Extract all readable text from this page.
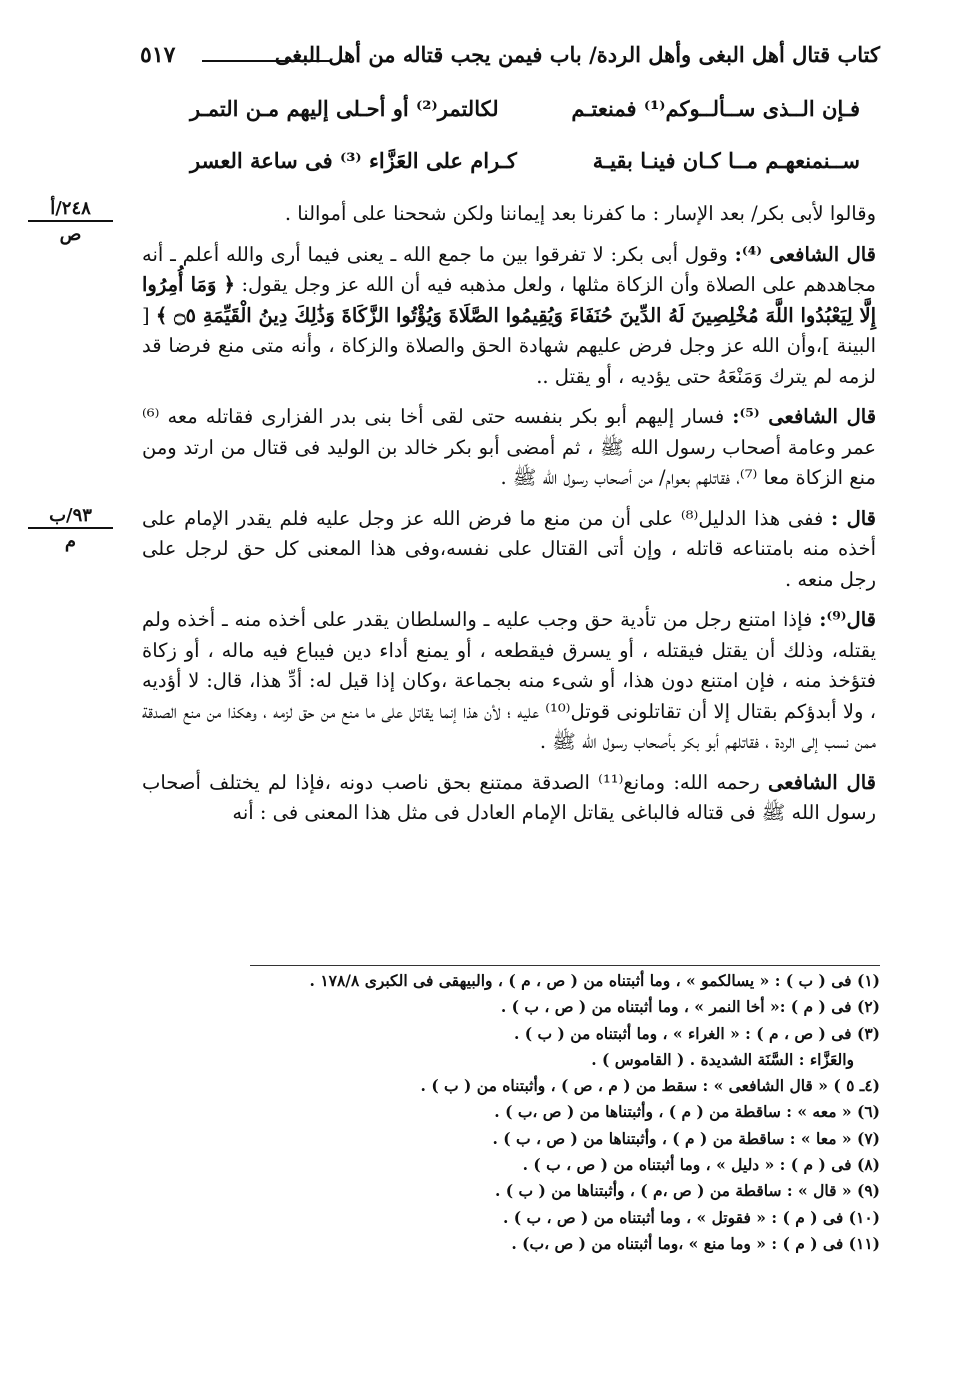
كتاب قتال أهل البغى وأهل الردة/ باب فيمن يجب قتاله من أهل البغى
٥١٧
٢٤٨/أ
ص
٩٣/ب
م
فـإن الــذى ســألــوكم⁽¹⁾ فمنعتـم
لكالتمر⁽²⁾ أو أحـلى إليهم مـن التمـر
ســنمنعهـم مــا كـان فينـا بقيـة
كـرام على العَزَّاء ⁽³⁾ فى ساعة العسر

وقالوا لأبى بكر/ بعد الإسار : ما كفرنا بعد إيماننا ولكن شححنا على أموالنا .

قال الشافعى ⁽⁴⁾: وقول أبى بكر: لا تفرقوا بين ما جمع الله ـ يعنى فيما أرى والله أعلم ـ أنه مجاهدهم على الصلاة وأن الزكاة مثلها ، ولعل مذهبه فيه أن الله عز وجل يقول: ﴿ وَمَا أُمِرُوا إِلَّا لِيَعْبُدُوا اللَّهَ مُخْلِصِينَ لَهُ الدِّينَ حُنَفَاءَ وَيُقِيمُوا الصَّلَاةَ وَيُؤْتُوا الزَّكَاةَ وَذَٰلِكَ دِينُ الْقَيِّمَةِ ۝٥ ﴾ [ البينة ]،وأن الله عز وجل فرض عليهم شهادة الحق والصلاة والزكاة ، وأنه متى منع فرضا قد لزمه لم يترك وَمَنْعَهُ حتى يؤديه ، أو يقتل ..

قال الشافعى ⁽⁵⁾: فسار إليهم أبو بكر بنفسه حتى لقى أخا بنى بدر الفزارى فقاتله معه ⁽⁶⁾ عمر وعامة أصحاب رسول الله ﷺ ، ثم أمضى أبو بكر خالد بن الوليد فى قتال من ارتد ومن منع الزكاة معا ⁽⁷⁾، فقاتلهم بعوام/ من أصحاب رسول الله ﷺ .

قال : ففى هذا الدليل⁽⁸⁾ على أن من منع ما فرض الله عز وجل عليه فلم يقدر الإمام على أخذه منه بامتناعه قاتله ، وإن أتى القتال على نفسه،وفى هذا المعنى كل حق لرجل على رجل منعه .

قال⁽⁹⁾: فإذا امتنع رجل من تأدية حق وجب عليه ـ والسلطان يقدر على أخذه منه ـ أخذه ولم يقتله، وذلك أن يقتل فيقتله ، أو يسرق فيقطعه ، أو يمنع أداء دين فيباع فيه ماله ، أو زكاة فتؤخذ منه ، فإن امتنع دون هذا، أو شىء منه بجماعة ،وكان إذا قيل له: أدِّ هذا، قال: لا أؤديه ، ولا أبدؤكم بقتال إلا أن تقاتلونى قوتل⁽¹⁰⁾ عليه ؛ لأن هذا إنما يقاتل على ما منع من حق لزمه ، وهكذا من منع الصدقة ممن نسب إلى الردة ، فقاتلهم أبو بكر بأصحاب رسول الله ﷺ .

قال الشافعى رحمه الله: ومانع⁽¹¹⁾ الصدقة ممتنع بحق ناصب دونه ،فإذا لم يختلف أصحاب رسول الله ﷺ فى قتاله فالباغى يقاتل الإمام العادل فى مثل هذا المعنى فى : أنه

(١) فى ( ب ) : « يسالكمو » ، وما أثبتناه من ( ص ، م ) ، والبيهقى فى الكبرى ١٧٨/٨ .
(٢) فى ( م ) :« أخا النمر » ، وما أثبتناه من ( ص ، ب ) .
(٣) فى ( ص ، م ) : « الغراء » ، وما أثبتناه من ( ب ) .
والعَزَّاء : السَّنَة الشديدة . ( القاموس ) .
(٤ـ ٥ ) « قال الشافعى » : سقط من ( م ، ص ) ، وأثبتناه من ( ب ) .
(٦) « معه » : ساقطة من ( م ) ، وأثبتناها من ( ص ،ب ) .
(٧) « معا » : ساقطة من ( م ) ، وأثبتناها من ( ص ، ب ) .
(٨) فى ( م ) : « دليل » ، وما أثبتناه من ( ص ، ب ) .
(٩) « قال » : ساقطة من ( ص ،م ) ، وأثبتناها من ( ب ) .
(١٠) فى ( م ) : « فقوتل » ، وما أثبتناه من ( ص ، ب ) .
(١١) فى ( م ) : « وما منع » ،وما أثبتناه من ( ص ،ب) .
